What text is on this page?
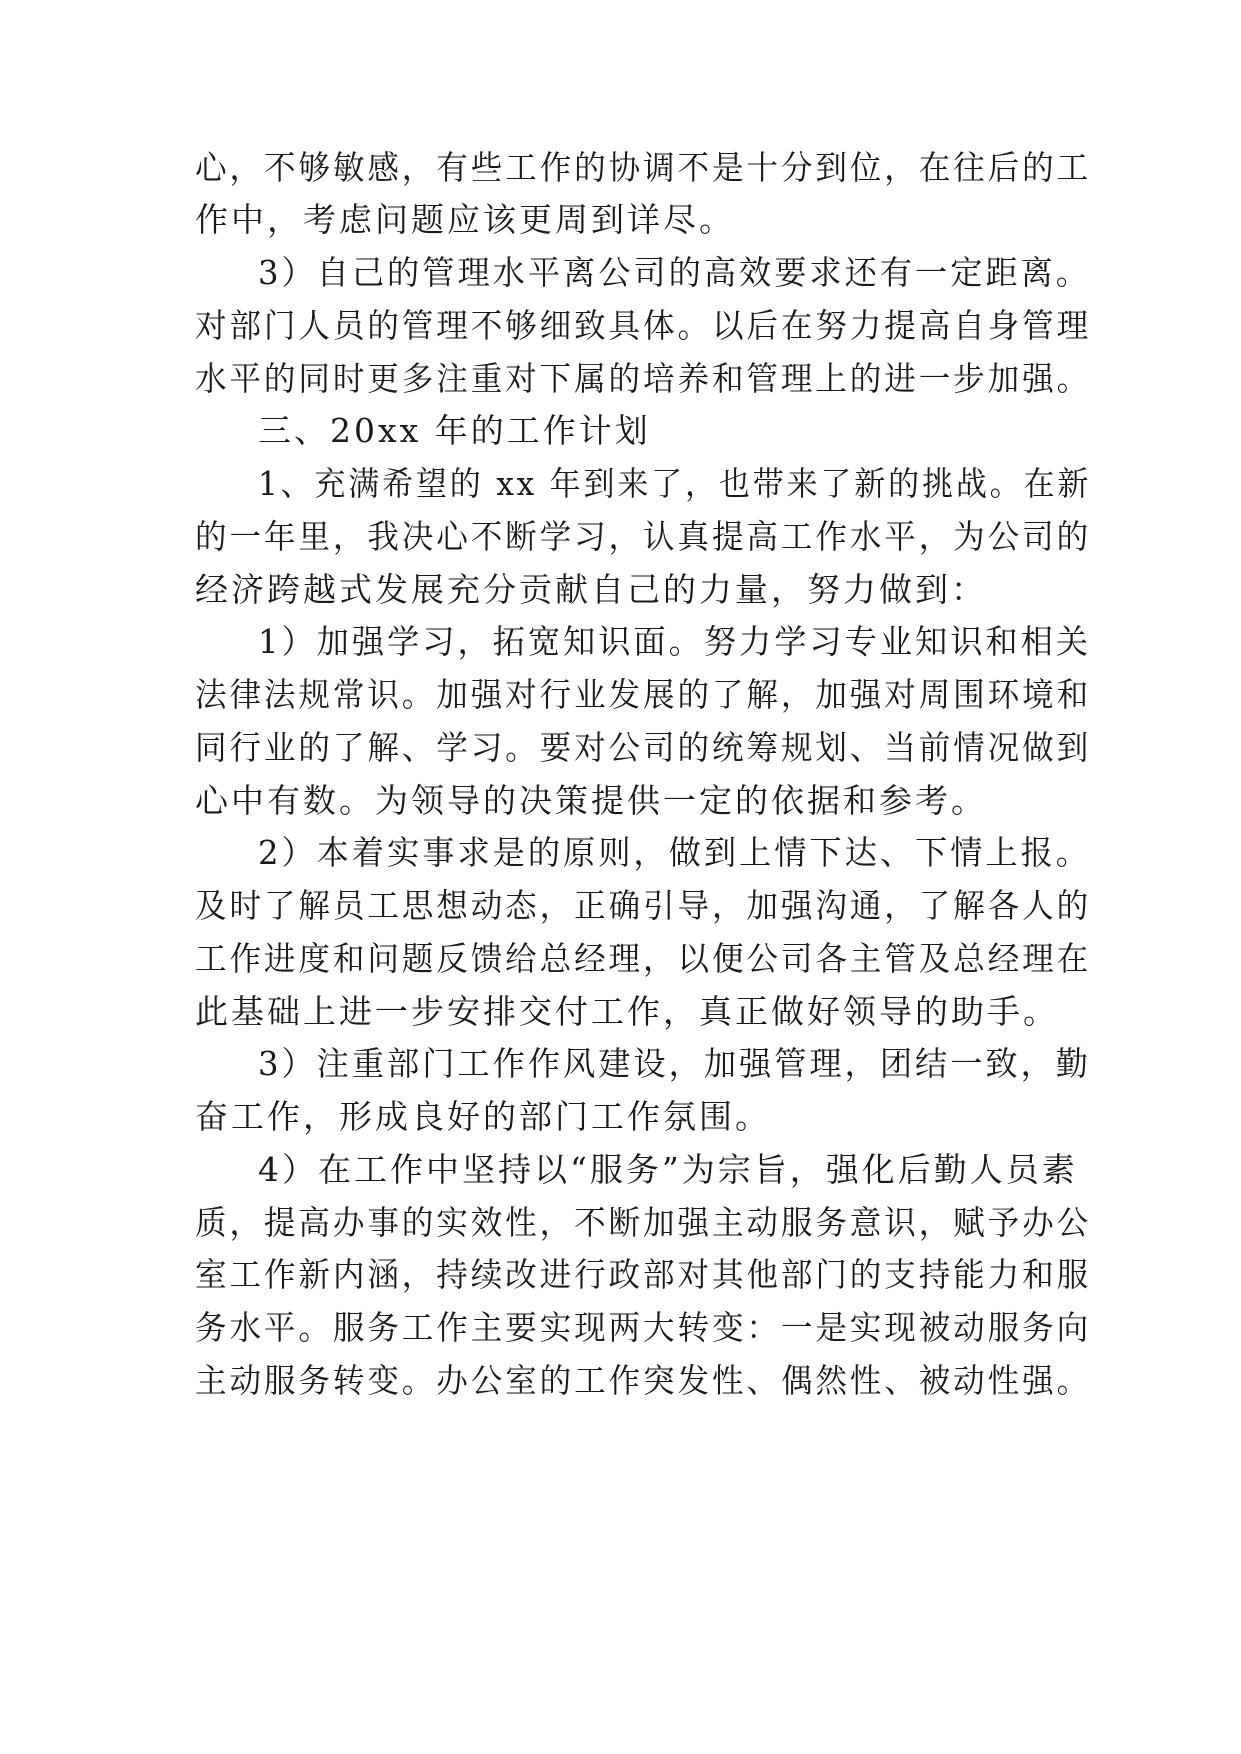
心，不够敏感，有些工作的协调不是十分到位，在往后的工

作中，考虑问题应该更周到详尽。

3）自己的管理水平离公司的高效要求还有一定距离。

对部门人员的管理不够细致具体。以后在努力提高自身管理

水平的同时更多注重对下属的培养和管理上的进一步加强。

三、20xx 年的工作计划

1、充满希望的 xx 年到来了，也带来了新的挑战。在新

的一年里，我决心不断学习，认真提高工作水平，为公司的

经济跨越式发展充分贡献自己的力量，努力做到：

1）加强学习，拓宽知识面。努力学习专业知识和相关

法律法规常识。加强对行业发展的了解，加强对周围环境和

同行业的了解、学习。要对公司的统筹规划、当前情况做到

心中有数。为领导的决策提供一定的依据和参考。

2）本着实事求是的原则，做到上情下达、下情上报。

及时了解员工思想动态，正确引导，加强沟通，了解各人的

工作进度和问题反馈给总经理，以便公司各主管及总经理在

此基础上进一步安排交付工作，真正做好领导的助手。

3）注重部门工作作风建设，加强管理，团结一致，勤

奋工作，形成良好的部门工作氛围。

4）在工作中坚持以“服务”为宗旨，强化后勤人员素

质，提高办事的实效性，不断加强主动服务意识，赋予办公

室工作新内涵，持续改进行政部对其他部门的支持能力和服

务水平。服务工作主要实现两大转变：一是实现被动服务向

主动服务转变。办公室的工作突发性、偶然性、被动性强。
